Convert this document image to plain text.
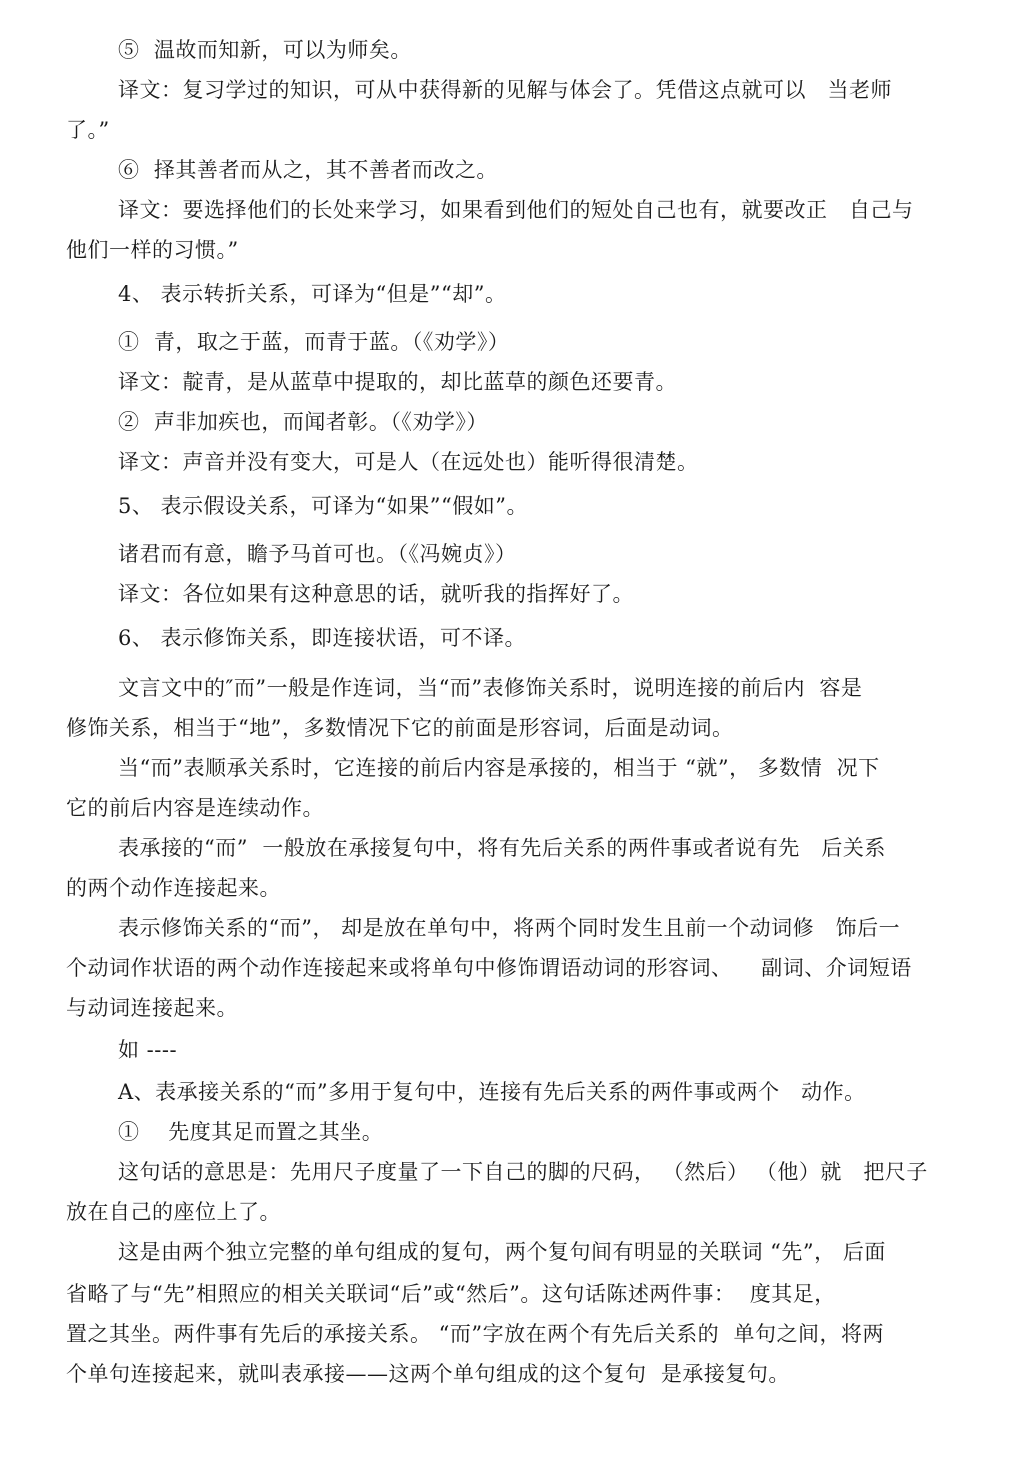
⑤  温故而知新，可以为师矣。
译文：复习学过的知识，可从中获得新的见解与体会了。凭借这点就可以   当老师
了。”
⑥  择其善者而从之，其不善者而改之。
译文：要选择他们的长处来学习，如果看到他们的短处自己也有，就要改正   自己与
他们一样的习惯。”
4、 表示转折关系，可译为“但是”“却”。
①  青，取之于蓝，而青于蓝。（《劝学》）
译文：靛青，是从蓝草中提取的，却比蓝草的颜色还要青。
②  声非加疾也，而闻者彰。（《劝学》）
译文：声音并没有变大，可是人（在远处也）能听得很清楚。
5、 表示假设关系，可译为“如果”“假如”。
诸君而有意，瞻予马首可也。（《冯婉贞》）
译文：各位如果有这种意思的话，就听我的指挥好了。
6、 表示修饰关系，即连接状语，可不译。
文言文中的″而”一般是作连词，当“而”表修饰关系时，说明连接的前后内  容是
修饰关系，相当于“地”，多数情况下它的前面是形容词，后面是动词。
当“而”表顺承关系时，它连接的前后内容是承接的，相当于 “就”， 多数情  况下
它的前后内容是连续动作。
表承接的“而”  一般放在承接复句中，将有先后关系的两件事或者说有先   后关系
的两个动作连接起来。
表示修饰关系的“而”， 却是放在单句中，将两个同时发生且前一个动词修   饰后一
个动词作状语的两个动作连接起来或将单句中修饰谓语动词的形容词、    副词、介词短语
与动词连接起来。
如 ----
A、表承接关系的“而”多用于复句中，连接有先后关系的两件事或两个   动作。
①    先度其足而置之其坐。
这句话的意思是：先用尺子度量了一下自己的脚的尺码， （然后） （他）就   把尺子
放在自己的座位上了。
这是由两个独立完整的单句组成的复句，两个复句间有明显的关联词 “先”， 后面
省略了与“先”相照应的相关关联词“后”或“然后”。这句话陈述两件事：  度其足，
置之其坐。两件事有先后的承接关系。 “而”字放在两个有先后关系的  单句之间，将两
个单句连接起来，就叫表承接——这两个单句组成的这个复句  是承接复句。
